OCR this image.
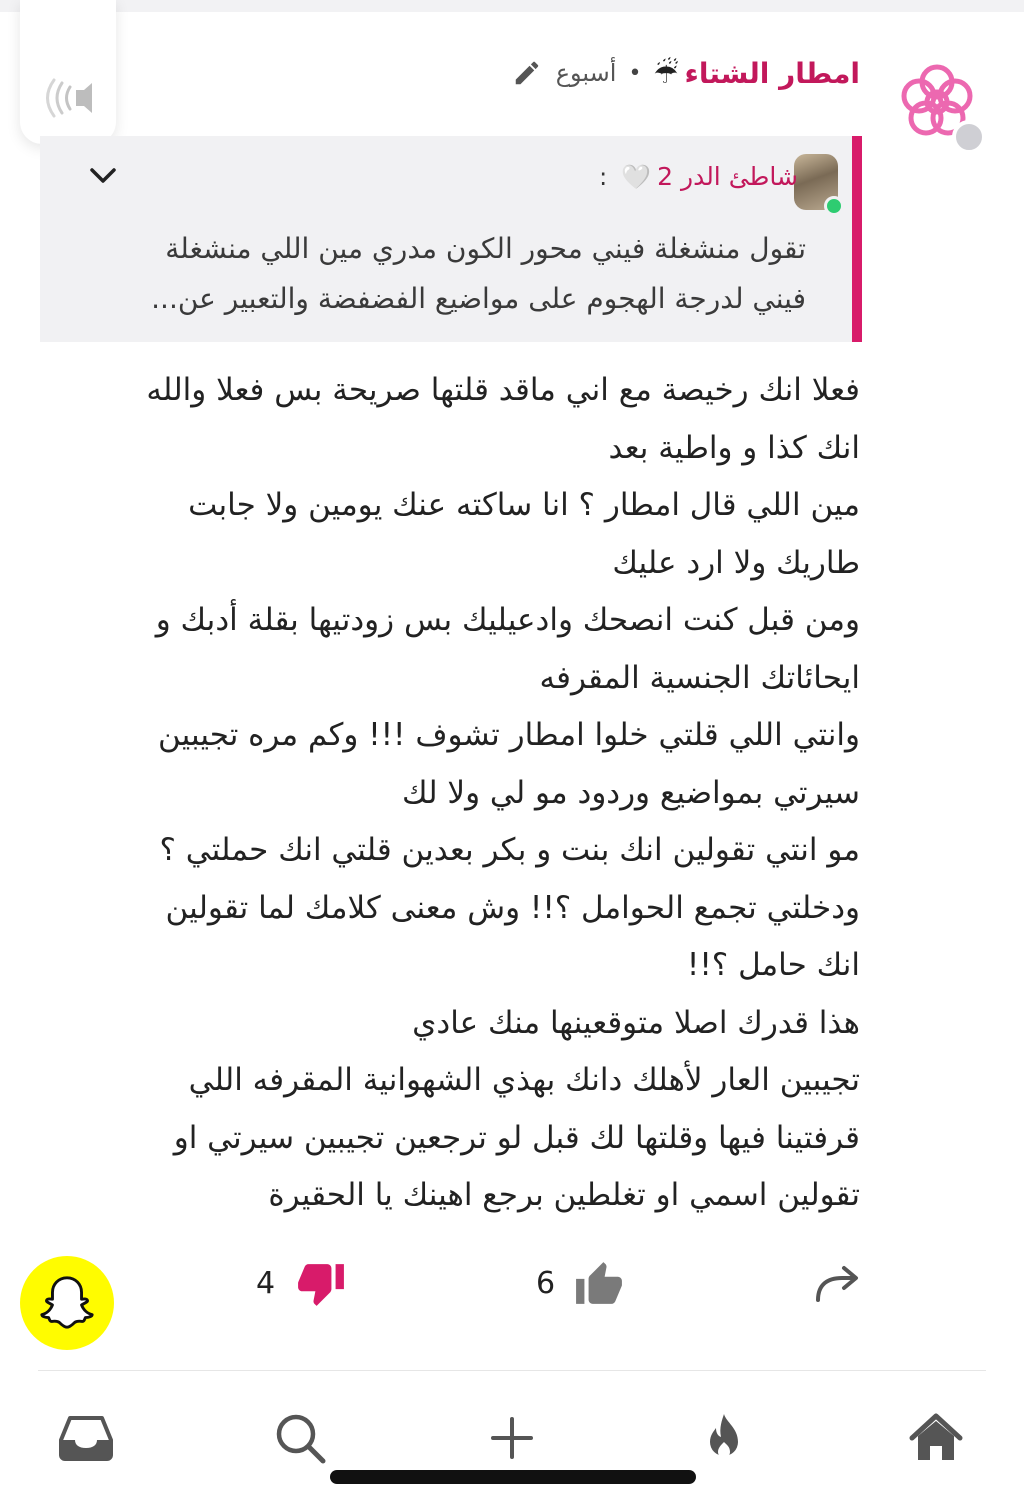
امطار الشتاء
☔
•
أسبوع
شاطئ الدر 2
🤍
:
تقول منشغلة فيني محور الكون مدري مين اللي منشغلة
فيني لدرجة الهجوم على مواضيع الفضفضة والتعبير عن...
فعلا انك رخيصة مع اني ماقد قلتها صريحة بس فعلا والله
انك كذا و واطية بعد
مين اللي قال امطار ؟ انا ساكته عنك يومين ولا جابت
طاريك ولا ارد عليك
ومن قبل كنت انصحك وادعيليك بس زودتيها بقلة أدبك و
ايحائاتك الجنسية المقرفه
وانتي اللي قلتي خلوا امطار تشوف !!! وكم مره تجيبين
سيرتي بمواضيع وردود مو لي ولا لك
مو انتي تقولين انك بنت و بكر بعدين قلتي انك حملتي ؟
ودخلتي تجمع الحوامل ؟!! وش معنى كلامك لما تقولين
انك حامل ؟!!
هذا قدرك اصلا متوقعينها منك عادي
تجيبين العار لأهلك دانك بهذي الشهوانية المقرفه اللي
قرفتينا فيها وقلتها لك قبل لو ترجعين تجيبين سيرتي او
تقولين اسمي او تغلطين برجع اهينك يا الحقيرة
4	6
